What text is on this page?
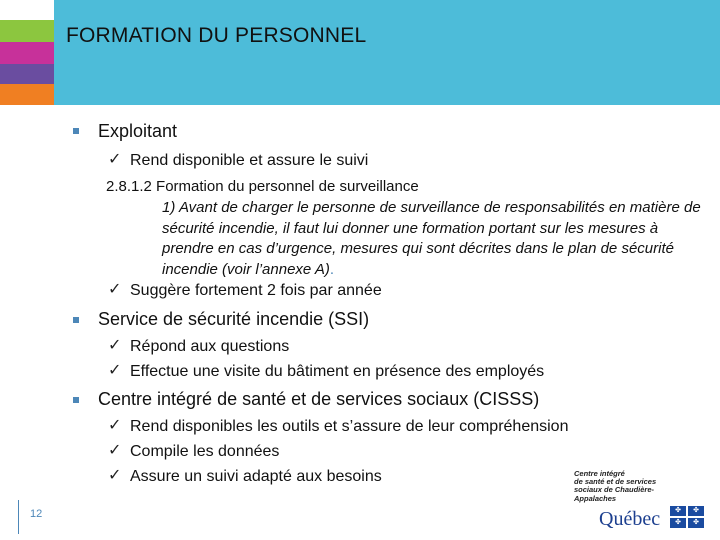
FORMATION DU PERSONNEL
Exploitant
✓ Rend disponible et assure le suivi
2.8.1.2 Formation du personnel de surveillance
1) Avant de charger le personne de surveillance de responsabilités en matière de sécurité incendie, il faut lui donner une formation portant sur les mesures à prendre en cas d’urgence, mesures qui sont décrites dans le plan de sécurité incendie (voir l’annexe A).
✓ Suggère fortement 2 fois par année
Service de sécurité incendie (SSI)
✓ Répond aux questions
✓ Effectue une visite du bâtiment en présence des employés
Centre intégré de santé et de services sociaux (CISSS)
✓ Rend disponibles les outils et s’assure de leur compréhension
✓ Compile les données
✓ Assure un suivi adapté aux besoins	Centre intégré
de santé et de services
sociaux de Chaudière-
Appalaches
Québec ✤ ✤
✤ ✤
12
